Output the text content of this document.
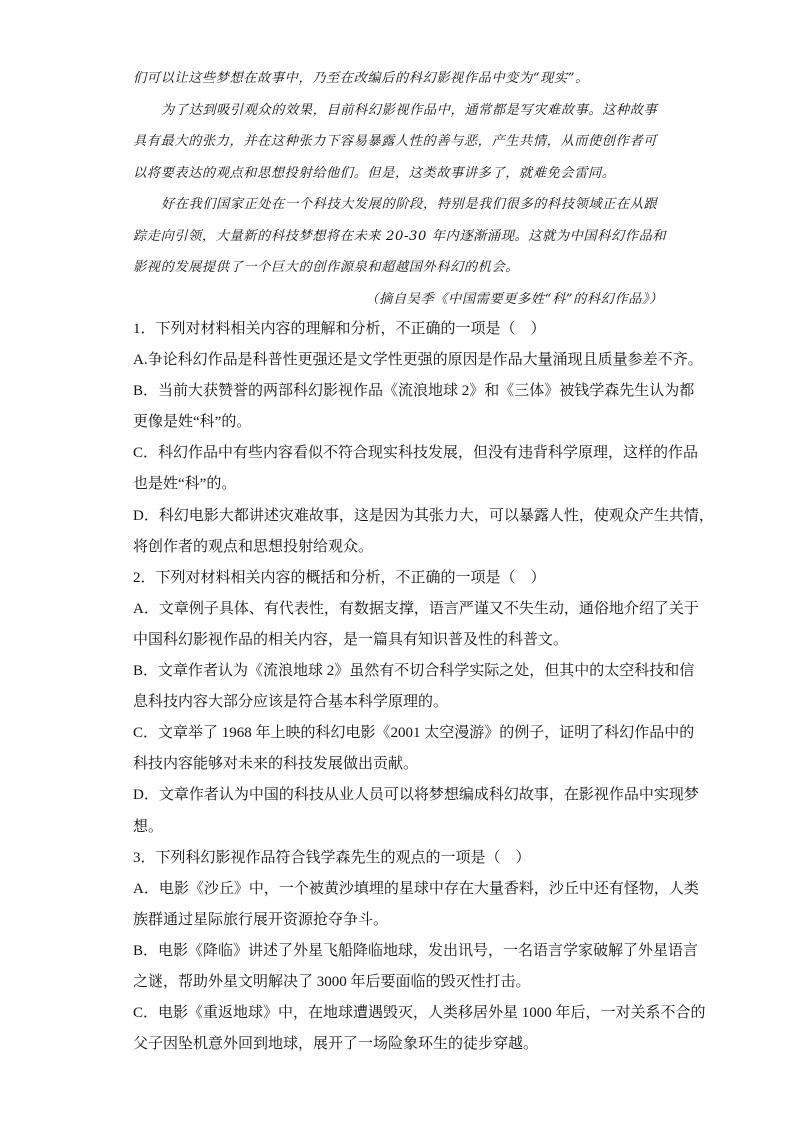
们可以让这些梦想在故事中，乃至在改编后的科幻影视作品中变为“现实”。

为了达到吸引观众的效果，目前科幻影视作品中，通常都是写灾难故事。这种故事

具有最大的张力，并在这种张力下容易暴露人性的善与恶，产生共情，从而使创作者可

以将要表达的观点和思想投射给他们。但是，这类故事讲多了，就难免会雷同。

好在我们国家正处在一个科技大发展的阶段，特别是我们很多的科技领域正在从跟

踪走向引领，大量新的科技梦想将在未来 20-30 年内逐渐涌现。这就为中国科幻作品和

影视的发展提供了一个巨大的创作源泉和超越国外科幻的机会。

（摘自吴季《中国需要更多姓“科”的科幻作品》）

1．下列对材料相关内容的理解和分析，不正确的一项是（　）

A.争论科幻作品是科普性更强还是文学性更强的原因是作品大量涌现且质量参差不齐。

B．当前大获赞誉的两部科幻影视作品《流浪地球 2》和《三体》被钱学森先生认为都

更像是姓“科”的。

C．科幻作品中有些内容看似不符合现实科技发展，但没有违背科学原理，这样的作品

也是姓“科”的。

D．科幻电影大都讲述灾难故事，这是因为其张力大，可以暴露人性，使观众产生共情，

将创作者的观点和思想投射给观众。

2．下列对材料相关内容的概括和分析，不正确的一项是（　）

A．文章例子具体、有代表性，有数据支撑，语言严谨又不失生动，通俗地介绍了关于

中国科幻影视作品的相关内容，是一篇具有知识普及性的科普文。

B．文章作者认为《流浪地球 2》虽然有不切合科学实际之处，但其中的太空科技和信

息科技内容大部分应该是符合基本科学原理的。

C．文章举了 1968 年上映的科幻电影《2001 太空漫游》的例子，证明了科幻作品中的

科技内容能够对未来的科技发展做出贡献。

D．文章作者认为中国的科技从业人员可以将梦想编成科幻故事，在影视作品中实现梦

想。

3．下列科幻影视作品符合钱学森先生的观点的一项是（　）

A．电影《沙丘》中，一个被黄沙填埋的星球中存在大量香料，沙丘中还有怪物，人类

族群通过星际旅行展开资源抢夺争斗。

B．电影《降临》讲述了外星飞船降临地球，发出讯号，一名语言学家破解了外星语言

之谜，帮助外星文明解决了 3000 年后要面临的毁灭性打击。

C．电影《重返地球》中，在地球遭遇毁灭，人类移居外星 1000 年后，一对关系不合的

父子因坠机意外回到地球，展开了一场险象环生的徒步穿越。
